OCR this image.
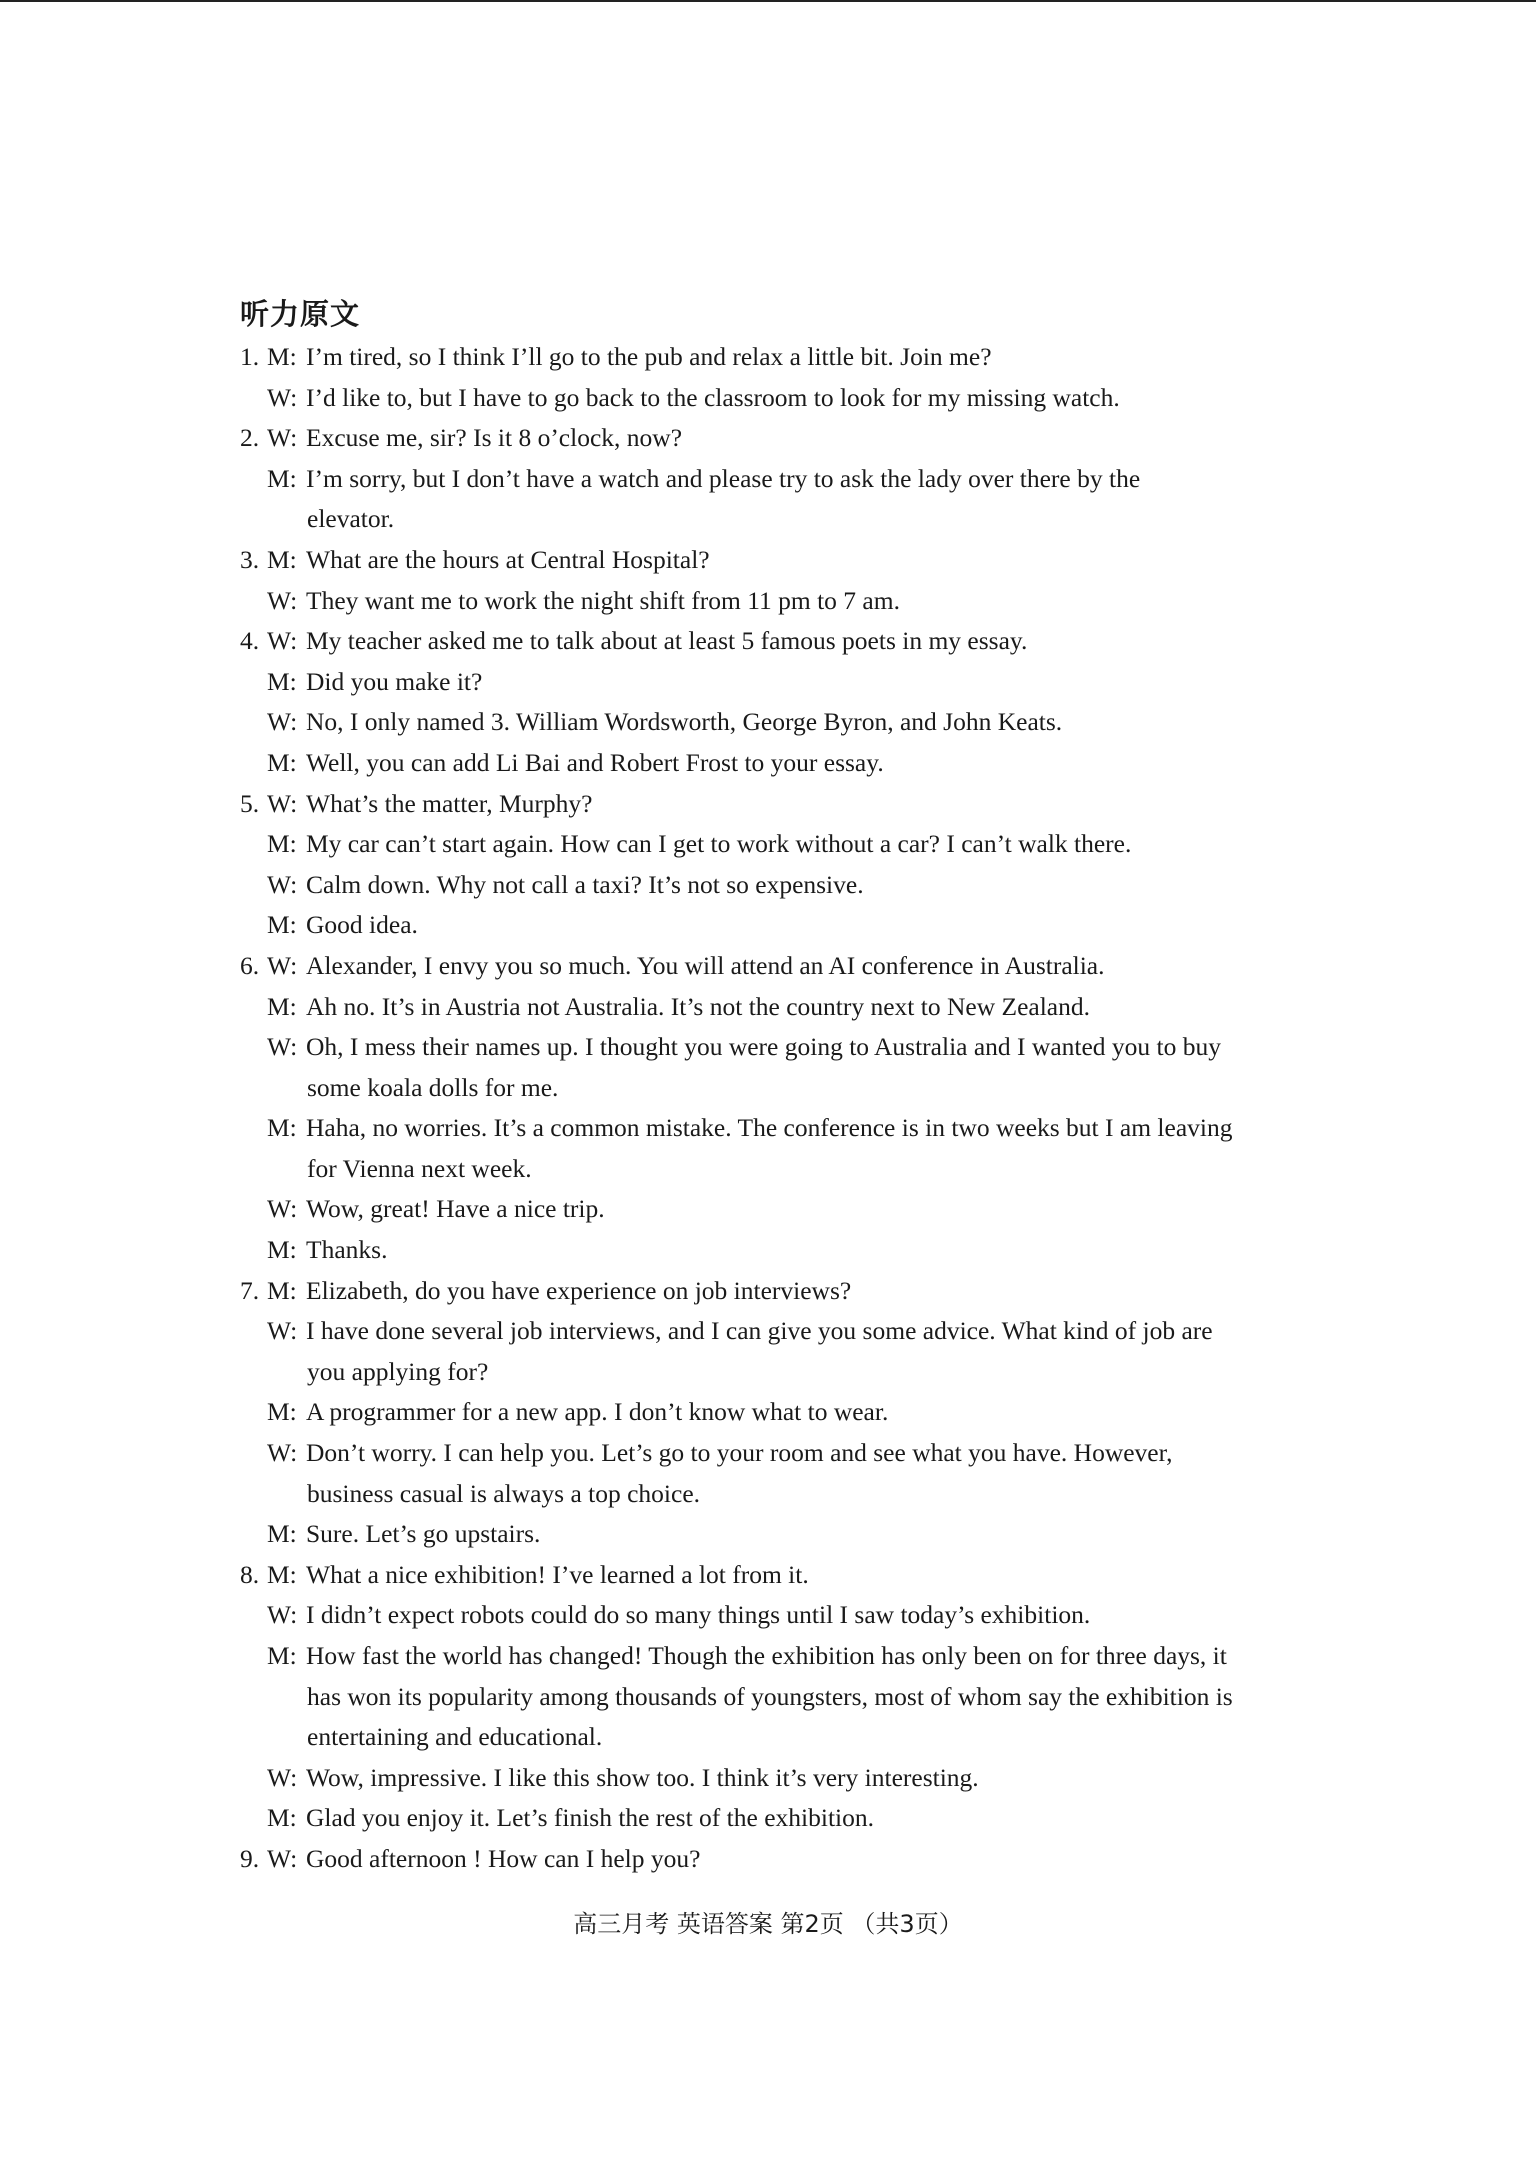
听力原文
1. M: I’m tired, so I think I’ll go to the pub and relax a little bit. Join me?
W: I’d like to, but I have to go back to the classroom to look for my missing watch.
2. W: Excuse me, sir? Is it 8 o’clock, now?
M: I’m sorry, but I don’t have a watch and please try to ask the lady over there by the
elevator.
3. M: What are the hours at Central Hospital?
W: They want me to work the night shift from 11 pm to 7 am.
4. W: My teacher asked me to talk about at least 5 famous poets in my essay.
M: Did you make it?
W: No, I only named 3. William Wordsworth, George Byron, and John Keats.
M: Well, you can add Li Bai and Robert Frost to your essay.
5. W: What’s the matter, Murphy?
M: My car can’t start again. How can I get to work without a car? I can’t walk there.
W: Calm down. Why not call a taxi? It’s not so expensive.
M: Good idea.
6. W: Alexander, I envy you so much. You will attend an AI conference in Australia.
M: Ah no. It’s in Austria not Australia. It’s not the country next to New Zealand.
W: Oh, I mess their names up. I thought you were going to Australia and I wanted you to buy
some koala dolls for me.
M: Haha, no worries. It’s a common mistake. The conference is in two weeks but I am leaving
for Vienna next week.
W: Wow, great! Have a nice trip.
M: Thanks.
7. M: Elizabeth, do you have experience on job interviews?
W: I have done several job interviews, and I can give you some advice. What kind of job are
you applying for?
M: A programmer for a new app. I don’t know what to wear.
W: Don’t worry. I can help you. Let’s go to your room and see what you have. However,
business casual is always a top choice.
M: Sure. Let’s go upstairs.
8. M: What a nice exhibition! I’ve learned a lot from it.
W: I didn’t expect robots could do so many things until I saw today’s exhibition.
M: How fast the world has changed! Though the exhibition has only been on for three days, it
has won its popularity among thousands of youngsters, most of whom say the exhibition is
entertaining and educational.
W: Wow, impressive. I like this show too. I think it’s very interesting.
M: Glad you enjoy it. Let’s finish the rest of the exhibition.
9. W: Good afternoon ! How can I help you?
高三月考 英语答案 第2页 （共3页）
